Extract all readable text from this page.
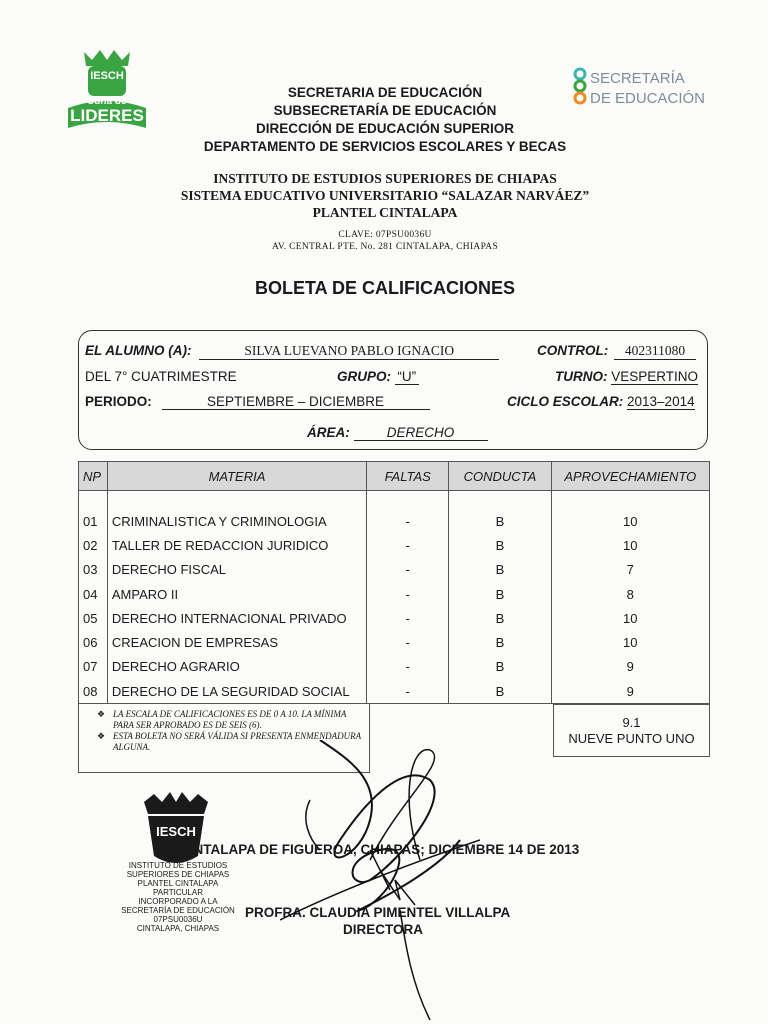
IESCH
Cuna de
LIDERES
SECRETARÍA
DE EDUCACIÓN
SECRETARIA DE EDUCACIÓN
SUBSECRETARÍA DE EDUCACIÓN
DIRECCIÓN DE EDUCACIÓN SUPERIOR
DEPARTAMENTO DE SERVICIOS ESCOLARES Y BECAS
INSTITUTO DE ESTUDIOS SUPERIORES DE CHIAPAS
SISTEMA EDUCATIVO UNIVERSITARIO “SALAZAR NARVÁEZ”
PLANTEL CINTALAPA
CLAVE: 07PSU0036U
AV. CENTRAL PTE. No. 281 CINTALAPA, CHIAPAS
BOLETA DE CALIFICACIONES
EL ALUMNO (A):	SILVA LUEVANO PABLO IGNACIO	CONTROL: 402311080
DEL 7° CUATRIMESTRE	GRUPO: “U”	TURNO: VESPERTINO
PERIODO:	SEPTIEMBRE – DICIEMBRE	CICLO ESCOLAR: 2013–2014
ÁREA:	DERECHO
NP	MATERIA	FALTAS	CONDUCTA	APROVECHAMIENTO

01	CRIMINALISTICA Y CRIMINOLOGIA	-	B	10
02	TALLER DE REDACCION JURIDICO	-	B	10
03	DERECHO FISCAL	-	B	7
04	AMPARO II	-	B	8
05	DERECHO INTERNACIONAL PRIVADO	-	B	10
06	CREACION DE EMPRESAS	-	B	10
07	DERECHO AGRARIO	-	B	9
08	DERECHO DE LA SEGURIDAD SOCIAL	-	B	9
❖ LA ESCALA DE CALIFICACIONES ES DE 0 A 10. LA MÍNIMA PARA SER APROBADO ES DE SEIS (6).
❖ ESTA BOLETA NO SERÁ VÁLIDA SI PRESENTA ENMENDADURA ALGUNA.
9.1
NUEVE PUNTO UNO
IESCH
INSTITUTO DE ESTUDIOS
SUPERIORES DE CHIAPAS
PLANTEL CINTALAPA
PARTICULAR
INCORPORADO A LA
SECRETARÍA DE EDUCACIÓN
07PSU0036U
CINTALAPA, CHIAPAS
CINTALAPA DE FIGUEROA, CHIAPAS; DICIEMBRE 14 DE 2013
PROFRA. CLAUDIA PIMENTEL VILLALPA
DIRECTORA
